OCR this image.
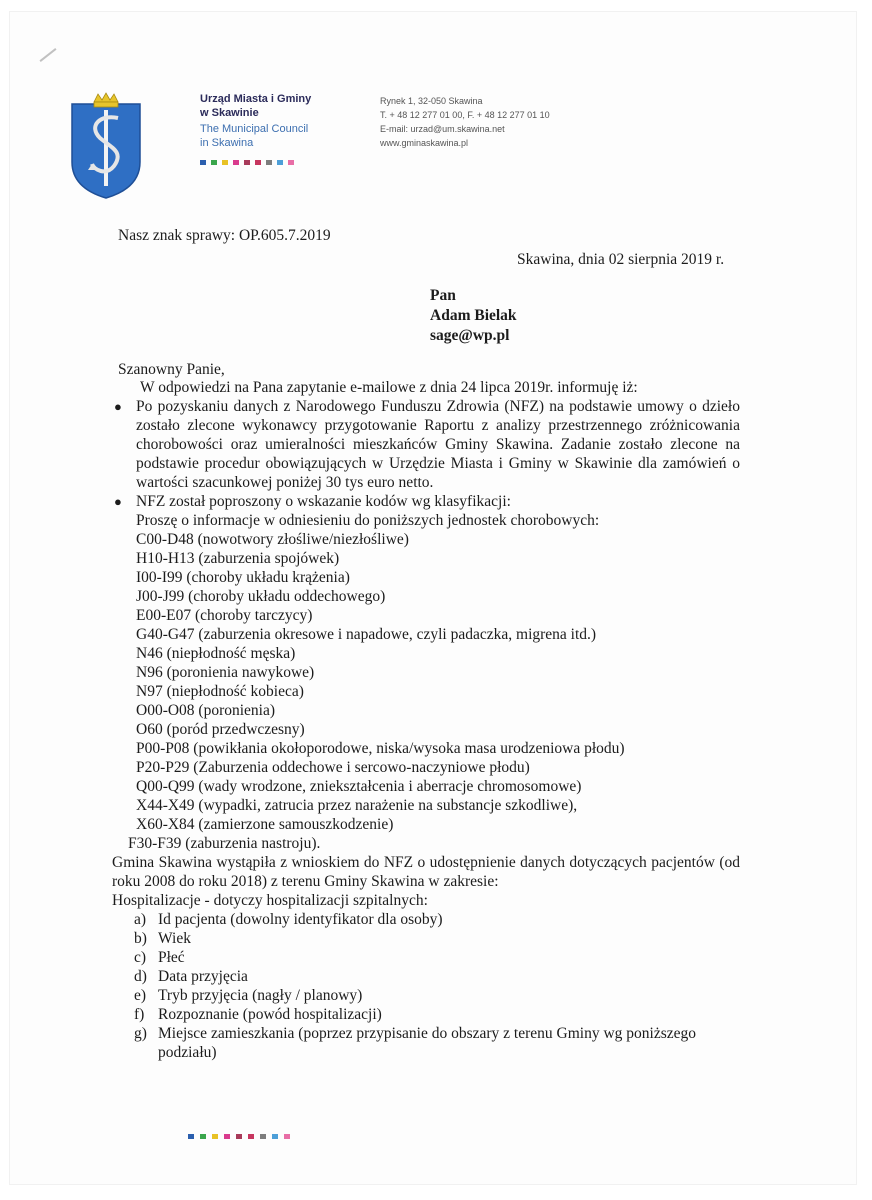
Urząd Miasta i Gminy
w Skawinie
The Municipal Council
in Skawina
Rynek 1, 32-050 Skawina
T. + 48 12 277 01 00, F. + 48 12 277 01 10
E-mail: urzad@um.skawina.net
www.gminaskawina.pl
Nasz znak sprawy: OP.605.7.2019
Skawina, dnia 02 sierpnia 2019 r.
Pan
Adam Bielak
sage@wp.pl
Szanowny Panie,

W odpowiedzi na Pana zapytanie e-mailowe z dnia 24 lipca 2019r. informuję iż:

● Po pozyskaniu danych z Narodowego Funduszu Zdrowia (NFZ) na podstawie umowy o dzieło zostało zlecone wykonawcy przygotowanie Raportu z analizy przestrzennego zróżnicowania chorobowości oraz umieralności mieszkańców Gminy Skawina. Zadanie zostało zlecone na podstawie procedur obowiązujących w Urzędzie Miasta i Gminy w Skawinie dla zamówień o wartości szacunkowej poniżej 30 tys euro netto.

● NFZ został poproszony o wskazanie kodów wg klasyfikacji:

Proszę o informacje w odniesieniu do poniższych jednostek chorobowych:

C00-D48 (nowotwory złośliwe/niezłośliwe)
H10-H13 (zaburzenia spojówek)
I00-I99 (choroby układu krążenia)
J00-J99 (choroby układu oddechowego)
E00-E07 (choroby tarczycy)
G40-G47 (zaburzenia okresowe i napadowe, czyli padaczka, migrena itd.)
N46 (niepłodność męska)
N96 (poronienia nawykowe)
N97 (niepłodność kobieca)
O00-O08 (poronienia)
O60 (poród przedwczesny)
P00-P08 (powikłania okołoporodowe, niska/wysoka masa urodzeniowa płodu)
P20-P29 (Zaburzenia oddechowe i sercowo-naczyniowe płodu)
Q00-Q99 (wady wrodzone, zniekształcenia i aberracje chromosomowe)
X44-X49 (wypadki, zatrucia przez narażenie na substancje szkodliwe),
X60-X84 (zamierzone samouszkodzenie)
F30-F39 (zaburzenia nastroju).

Gmina Skawina wystąpiła z wnioskiem do NFZ o udostępnienie danych dotyczących pacjentów (od roku 2008 do roku 2018) z terenu Gminy Skawina w zakresie:

Hospitalizacje - dotyczy hospitalizacji szpitalnych:

a) Id pacjenta (dowolny identyfikator dla osoby)
b) Wiek
c) Płeć
d) Data przyjęcia
e) Tryb przyjęcia (nagły / planowy)
f) Rozpoznanie (powód hospitalizacji)
g) Miejsce zamieszkania (poprzez przypisanie do obszary z terenu Gminy wg poniższego podziału)
